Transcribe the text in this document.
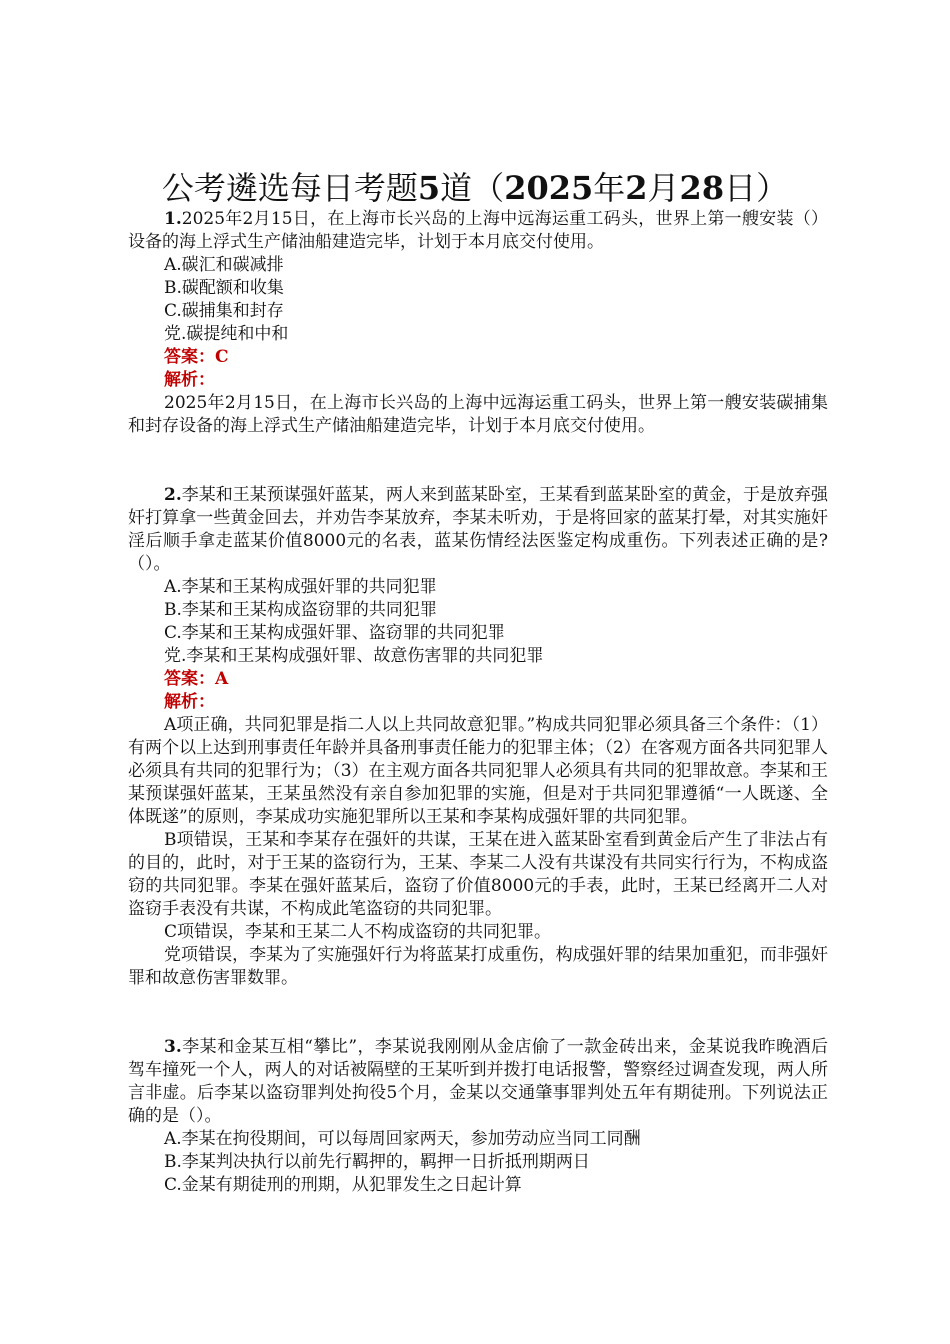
公考遴选每日考题5道（2025年2月28日）

1.2025年2月15日，在上海市长兴岛的上海中远海运重工码头，世界上第一艘安装（）设备的海上浮式生产储油船建造完毕，计划于本月底交付使用。

A.碳汇和碳减排

B.碳配额和收集

C.碳捕集和封存

党.碳提纯和中和

答案：C

解析：

2025年2月15日，在上海市长兴岛的上海中远海运重工码头，世界上第一艘安装碳捕集和封存设备的海上浮式生产储油船建造完毕，计划于本月底交付使用。

2.李某和王某预谋强奸蓝某，两人来到蓝某卧室，王某看到蓝某卧室的黄金，于是放弃强奸打算拿一些黄金回去，并劝告李某放弃，李某未听劝，于是将回家的蓝某打晕，对其实施奸淫后顺手拿走蓝某价值8000元的名表，蓝某伤情经法医鉴定构成重伤。下列表述正确的是?（）。

A.李某和王某构成强奸罪的共同犯罪

B.李某和王某构成盗窃罪的共同犯罪

C.李某和王某构成强奸罪、盗窃罪的共同犯罪

党.李某和王某构成强奸罪、故意伤害罪的共同犯罪

答案：A

解析：

A项正确，共同犯罪是指二人以上共同故意犯罪。”构成共同犯罪必须具备三个条件：（1）有两个以上达到刑事责任年龄并具备刑事责任能力的犯罪主体；（2）在客观方面各共同犯罪人必须具有共同的犯罪行为；（3）在主观方面各共同犯罪人必须具有共同的犯罪故意。李某和王某预谋强奸蓝某，王某虽然没有亲自参加犯罪的实施，但是对于共同犯罪遵循“一人既遂、全体既遂”的原则，李某成功实施犯罪所以王某和李某构成强奸罪的共同犯罪。

B项错误，王某和李某存在强奸的共谋，王某在进入蓝某卧室看到黄金后产生了非法占有的目的，此时，对于王某的盗窃行为，王某、李某二人没有共谋没有共同实行行为，不构成盗窃的共同犯罪。李某在强奸蓝某后，盗窃了价值8000元的手表，此时，王某已经离开二人对盗窃手表没有共谋，不构成此笔盗窃的共同犯罪。

C项错误，李某和王某二人不构成盗窃的共同犯罪。

党项错误，李某为了实施强奸行为将蓝某打成重伤，构成强奸罪的结果加重犯，而非强奸罪和故意伤害罪数罪。

3.李某和金某互相“攀比”，李某说我刚刚从金店偷了一款金砖出来，金某说我昨晚酒后驾车撞死一个人，两人的对话被隔壁的王某听到并拨打电话报警，警察经过调查发现，两人所言非虚。后李某以盗窃罪判处拘役5个月，金某以交通肇事罪判处五年有期徒刑。下列说法正确的是（）。

A.李某在拘役期间，可以每周回家两天，参加劳动应当同工同酬

B.李某判决执行以前先行羁押的，羁押一日折抵刑期两日

C.金某有期徒刑的刑期，从犯罪发生之日起计算
